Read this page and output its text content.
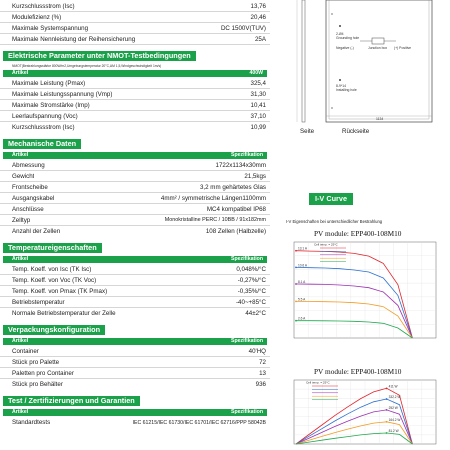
Kurzschlussstrom (Isc)	13,76
Modulefizienz (%)	20,46
Maximale Systemspannung	DC 1500V(TUV)
Maximale Nennleistung der Reihensicherung	25A
Elektrische Parameter unter NMOT-Testbedingungen
NMOT(Bestrahlungsstärke 800W/m2,Umgebungstemperatur 20°C,AM 1,5,Windgeschwindigkeit 1m/s)
Artikel	400W
Maximale Leistung (Pmax)	325,4
Maximale Leistungsspannung (Vmp)	31,30
Maximale Stromstärke (Imp)	10,41
Leerlaufspannung (Voc)	37,10
Kurzschlussstrom (Isc)	10,99
Mechanische Daten
Artikel	Spezifikation
Abmessung	1722x1134x30mm
Gewicht	21,5kgs
Frontscheibe	3,2 mm gehärtetes Glas
Ausgangskabel	4mm² / symmetrische Längen1100mm
Anschlüsse	MC4 kompatibel IP68
Zelltyp	Monokristalline PERC / 10BB / 91x182mm
Anzahl der Zellen	108 Zellen (Halbzelle)
Temperatureigenschaften
Artikel	Spezifikation
Temp. Koeff. von Isc (TK Isc)	0,048%/°C
Temp. Koeff. von Voc (TK Voc)	-0,27%/°C
Temp. Koeff. von Pmax (TK Pmax)	-0,35%/°C
Betriebstemperatur	-40~+85°C
Normale Betriebstemperatur der Zelle	44±2°C
Verpackungskonfiguration
Artikel	Spezifikation
Container	40'HQ
Stück pro Palette	72
Paletten pro Container	13
Stück pro Behälter	936
Test / Zertifizierungen und Garantien
Artikel	Spezifikation
Standardtests	IEC 61215/IEC 61730/IEC 61701/IEC 62716/PPP 58042B
2-Ø4
Grounding hole
Negative (-)	Junction box (+) Positive
8-9*14
Installing hole
1134
Seite	Rückseite
I-V Curve
I-V Eigenschaften bei unterschiedlicher Bestrahlung
PV module: EPP400-108M10
13.1 A
10.6 A
8.1 A
5.5 A
2.6 A
Cell temp. = 25°C
PV module: EPP400-108M10
411 W
332.2 W
252 W
164.2 W
81.2 W
Cell temp. = 25°C
